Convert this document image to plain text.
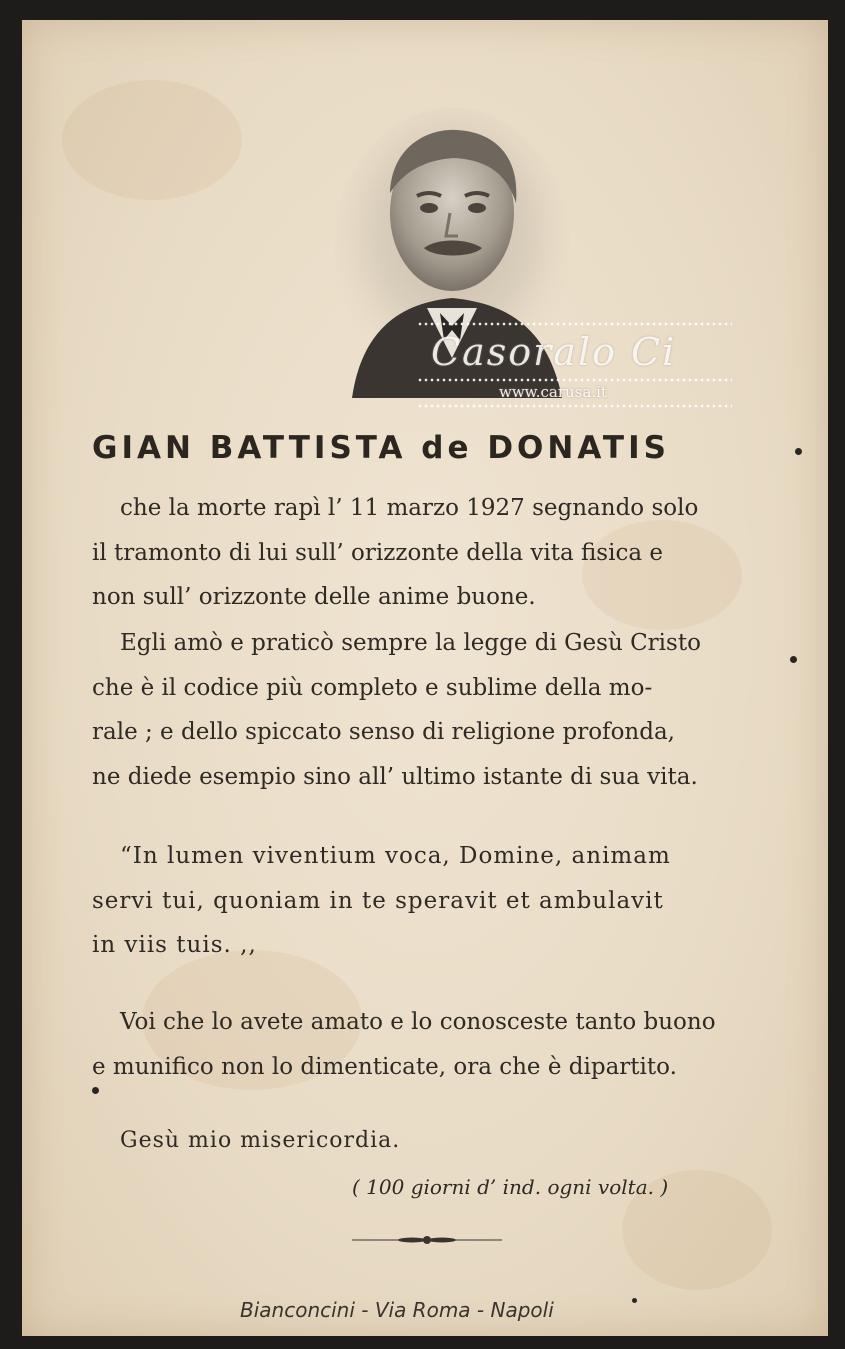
Casoralo Ci
www.carusa.it
GIAN BATTISTA de DONATIS
che la morte rapì l’ 11 marzo 1927 segnando solo
il tramonto di lui sull’ orizzonte della vita fisica e
non sull’ orizzonte delle anime buone.
Egli amò e praticò sempre la legge di Gesù Cristo
che è il codice più completo e sublime della mo-
rale ; e dello spiccato senso di religione profonda,
ne diede esempio sino all’ ultimo istante di sua vita.
“In lumen viventium voca, Domine, animam
servi tui, quoniam in te speravit et ambulavit
in viis tuis. ,,
Voi che lo avete amato e lo conosceste tanto buono
e munifico non lo dimenticate, ora che è dipartito.
Gesù mio misericordia.
( 100 giorni d’ ind. ogni volta. )
Bianconcini - Via Roma - Napoli
